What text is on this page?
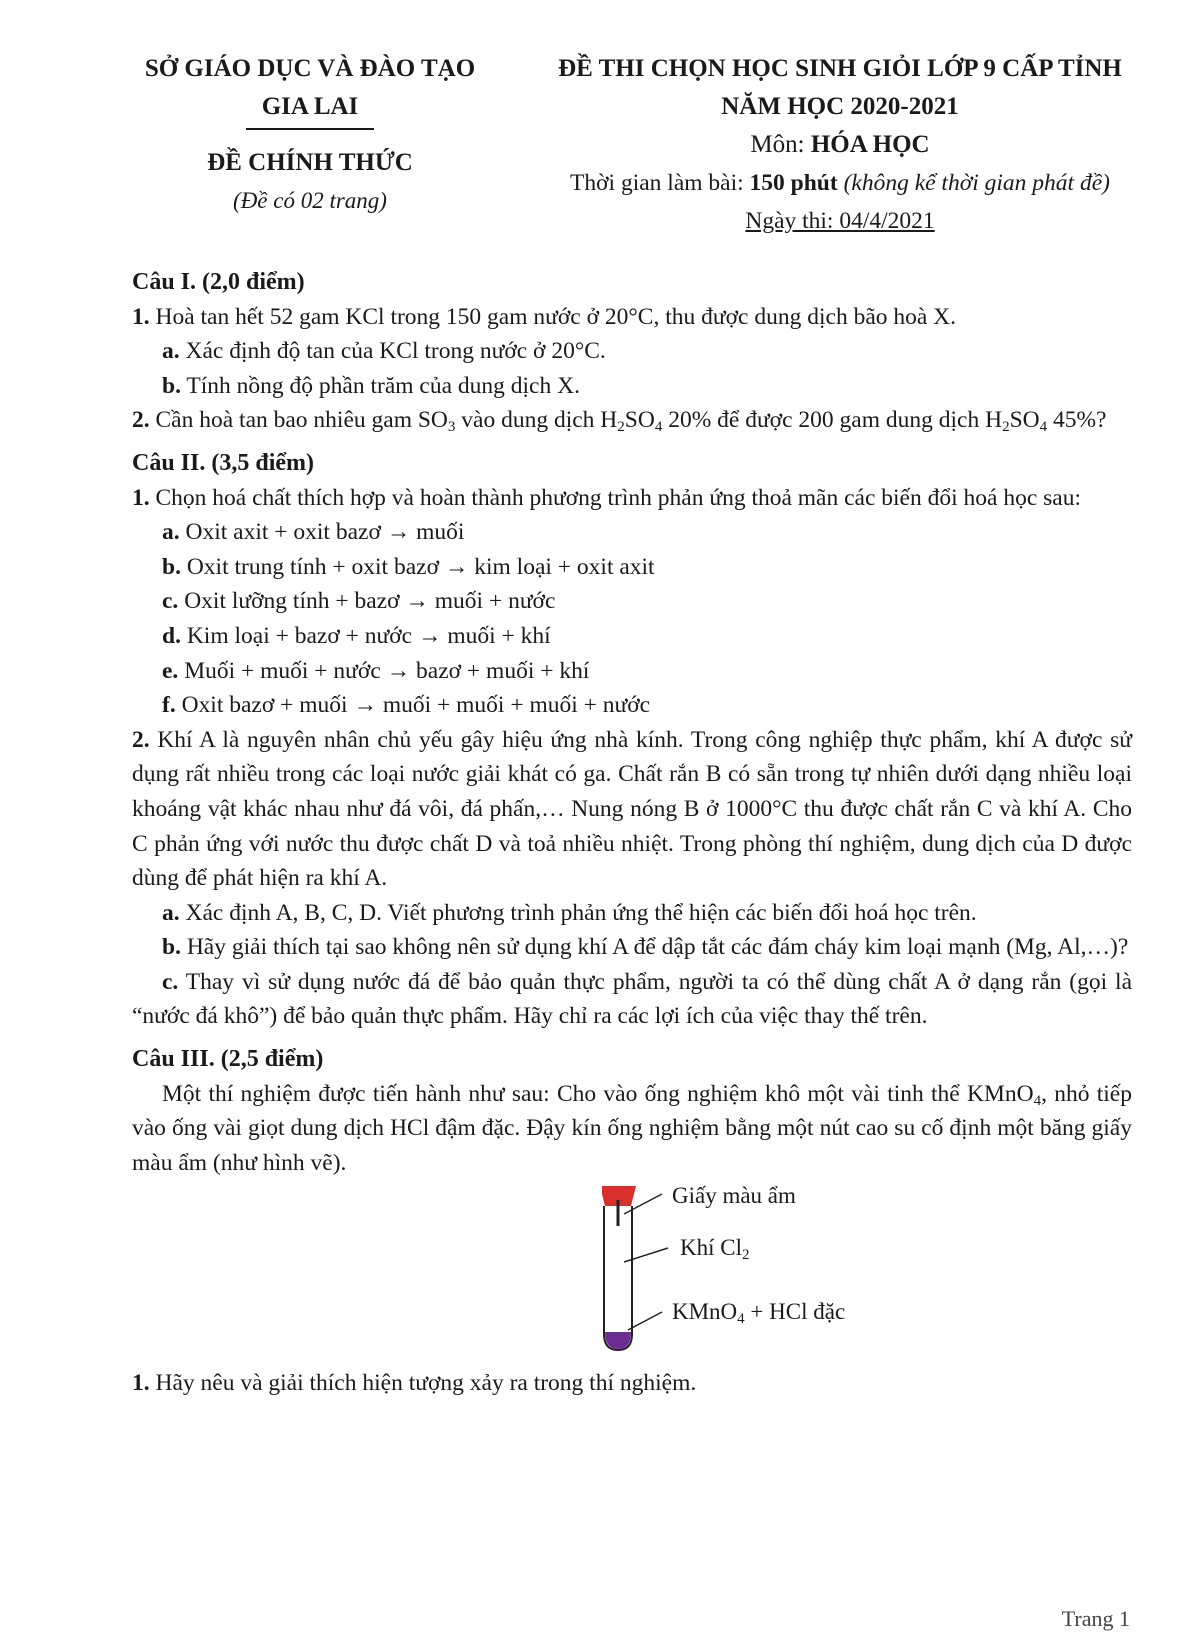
SỞ GIÁO DỤC VÀ ĐÀO TẠO
GIA LAI
ĐỀ CHÍNH THỨC
(Đề có 02 trang)
ĐỀ THI CHỌN HỌC SINH GIỎI LỚP 9 CẤP TỈNH
NĂM HỌC 2020-2021
Môn: HÓA HỌC
Thời gian làm bài: 150 phút (không kể thời gian phát đề)
Ngày thi: 04/4/2021
Câu I. (2,0 điểm)

1. Hoà tan hết 52 gam KCl trong 150 gam nước ở 20°C, thu được dung dịch bão hoà X.

a. Xác định độ tan của KCl trong nước ở 20°C.

b. Tính nồng độ phần trăm của dung dịch X.

2. Cần hoà tan bao nhiêu gam $SO_3$ vào dung dịch $H_2SO_4$ 20% để được 200 gam dung dịch $H_2SO_4$ 45%?

Câu II. (3,5 điểm)

1. Chọn hoá chất thích hợp và hoàn thành phương trình phản ứng thoả mãn các biến đổi hoá học sau:

a. Oxit axit + oxit bazơ → muối

b. Oxit trung tính + oxit bazơ → kim loại + oxit axit

c. Oxit lưỡng tính + bazơ → muối + nước

d. Kim loại + bazơ + nước → muối + khí

e. Muối + muối + nước → bazơ + muối + khí

f. Oxit bazơ + muối → muối + muối + muối + nước

2. Khí A là nguyên nhân chủ yếu gây hiệu ứng nhà kính. Trong công nghiệp thực phẩm, khí A được sử dụng rất nhiều trong các loại nước giải khát có ga. Chất rắn B có sẵn trong tự nhiên dưới dạng nhiều loại khoáng vật khác nhau như đá vôi, đá phấn,… Nung nóng B ở 1000°C thu được chất rắn C và khí A. Cho C phản ứng với nước thu được chất D và toả nhiều nhiệt. Trong phòng thí nghiệm, dung dịch của D được dùng để phát hiện ra khí A.

a. Xác định A, B, C, D. Viết phương trình phản ứng thể hiện các biến đổi hoá học trên.

b. Hãy giải thích tại sao không nên sử dụng khí A để dập tắt các đám cháy kim loại mạnh (Mg, Al,…)?

c. Thay vì sử dụng nước đá để bảo quản thực phẩm, người ta có thể dùng chất A ở dạng rắn (gọi là “nước đá khô”) để bảo quản thực phẩm. Hãy chỉ ra các lợi ích của việc thay thế trên.

Câu III. (2,5 điểm)

Một thí nghiệm được tiến hành như sau: Cho vào ống nghiệm khô một vài tinh thể KMnO$_4$, nhỏ tiếp vào ống vài giọt dung dịch HCl đậm đặc. Đậy kín ống nghiệm bằng một nút cao su cố định một băng giấy màu ẩm (như hình vẽ).

Giấy màu ẩm
Khí $Cl_2$
KMnO$_4$ + HCl đặc

1. Hãy nêu và giải thích hiện tượng xảy ra trong thí nghiệm.

Trang 1
